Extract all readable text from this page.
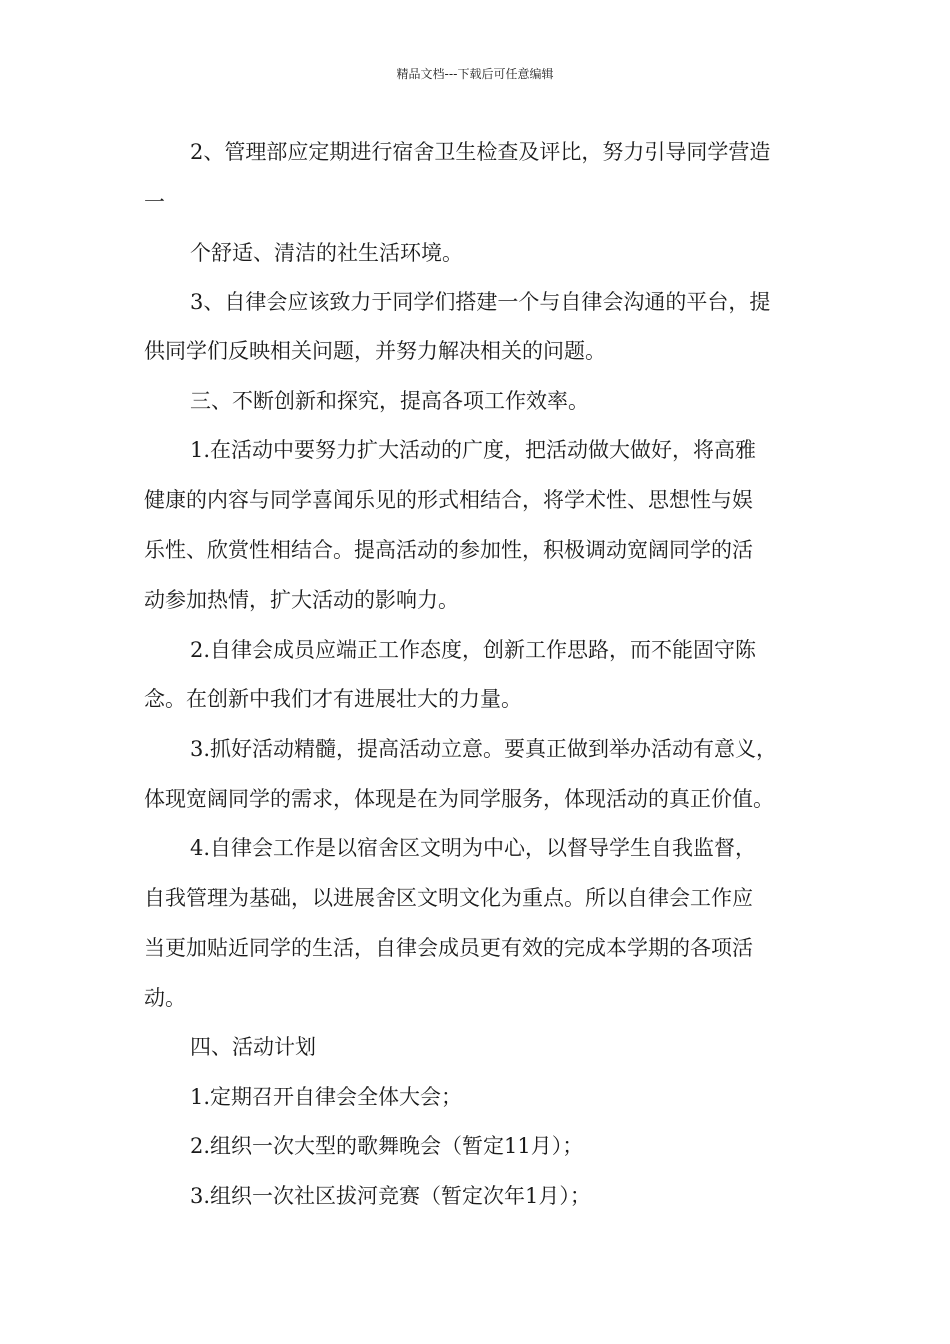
精品文档---下载后可任意编辑
2、管理部应定期进行宿舍卫生检查及评比，努力引导同学营造
一
个舒适、清洁的社生活环境。
3、自律会应该致力于同学们搭建一个与自律会沟通的平台，提
供同学们反映相关问题，并努力解决相关的问题。
三、不断创新和探究，提高各项工作效率。
1.在活动中要努力扩大活动的广度，把活动做大做好，将高雅
健康的内容与同学喜闻乐见的形式相结合，将学术性、思想性与娱
乐性、欣赏性相结合。提高活动的参加性，积极调动宽阔同学的活
动参加热情，扩大活动的影响力。
2.自律会成员应端正工作态度，创新工作思路，而不能固守陈
念。在创新中我们才有进展壮大的力量。
3.抓好活动精髓，提高活动立意。要真正做到举办活动有意义，
体现宽阔同学的需求，体现是在为同学服务，体现活动的真正价值。
4.自律会工作是以宿舍区文明为中心，以督导学生自我监督，
自我管理为基础，以进展舍区文明文化为重点。所以自律会工作应
当更加贴近同学的生活，自律会成员更有效的完成本学期的各项活
动。
四、活动计划
1.定期召开自律会全体大会；
2.组织一次大型的歌舞晚会（暂定11月）；
3.组织一次社区拔河竞赛（暂定次年1月）；
